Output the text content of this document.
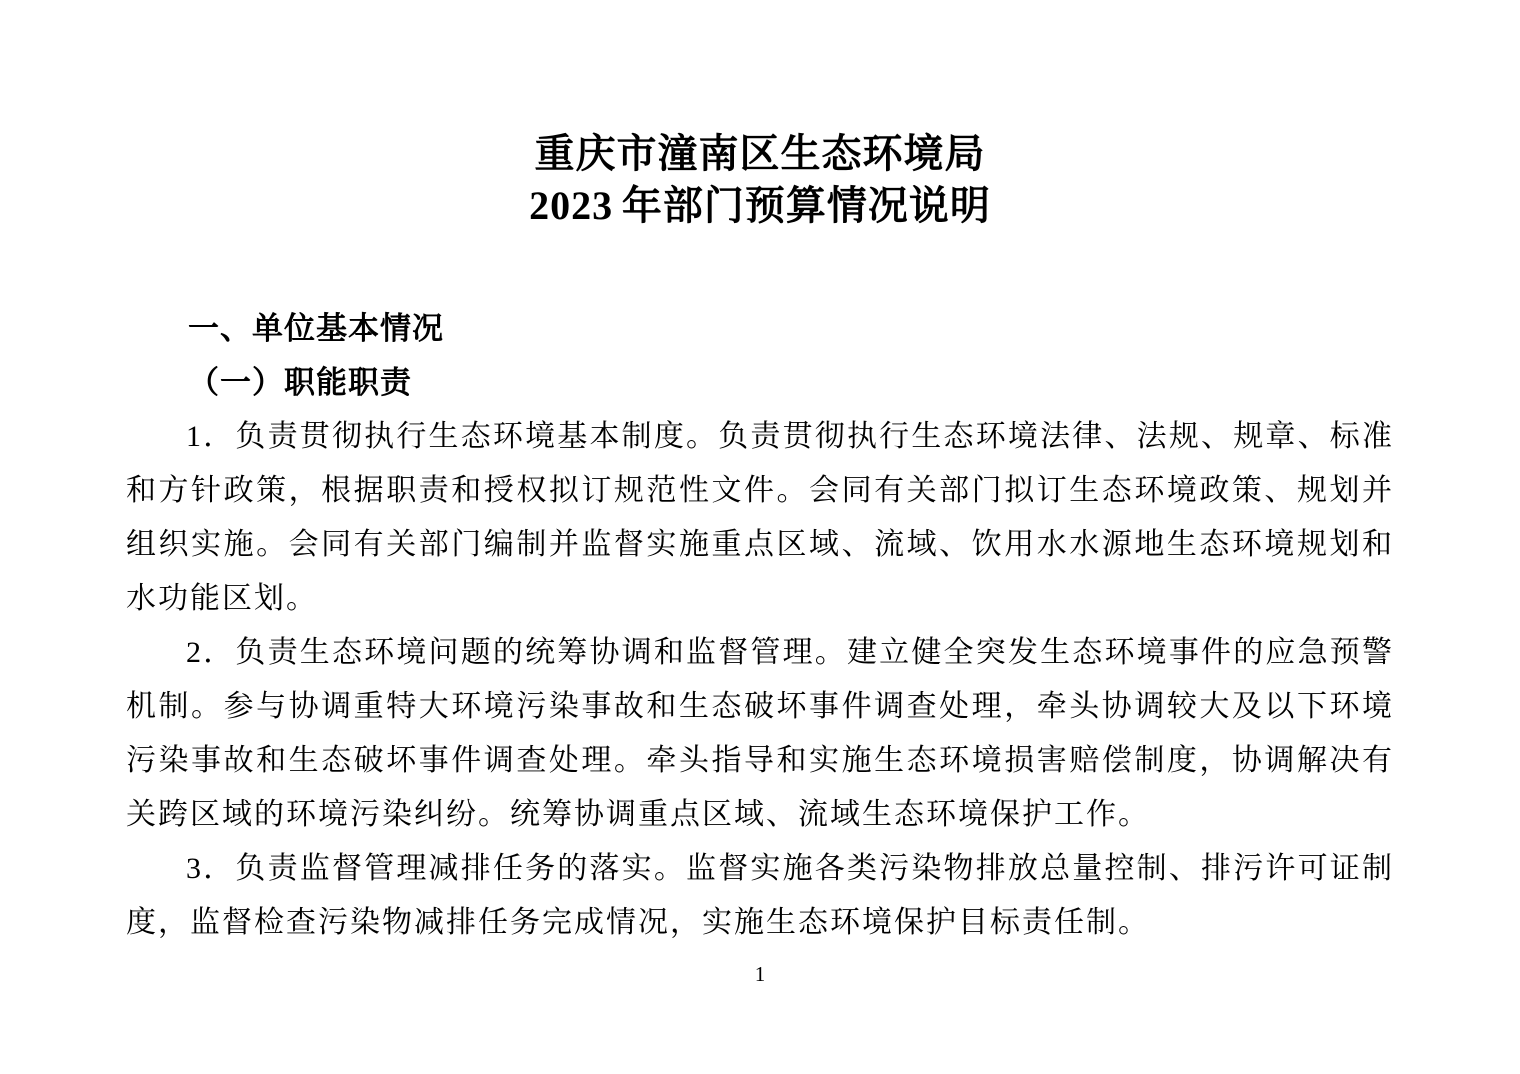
重庆市潼南区生态环境局
2023 年部门预算情况说明
一、单位基本情况
（一）职能职责

1．负责贯彻执行生态环境基本制度。负责贯彻执行生态环境法律、法规、规章、标准和方针政策，根据职责和授权拟订规范性文件。会同有关部门拟订生态环境政策、规划并组织实施。会同有关部门编制并监督实施重点区域、流域、饮用水水源地生态环境规划和水功能区划。

2．负责生态环境问题的统筹协调和监督管理。建立健全突发生态环境事件的应急预警机制。参与协调重特大环境污染事故和生态破坏事件调查处理，牵头协调较大及以下环境污染事故和生态破坏事件调查处理。牵头指导和实施生态环境损害赔偿制度，协调解决有关跨区域的环境污染纠纷。统筹协调重点区域、流域生态环境保护工作。

3．负责监督管理减排任务的落实。监督实施各类污染物排放总量控制、排污许可证制度，监督检查污染物减排任务完成情况，实施生态环境保护目标责任制。

1
